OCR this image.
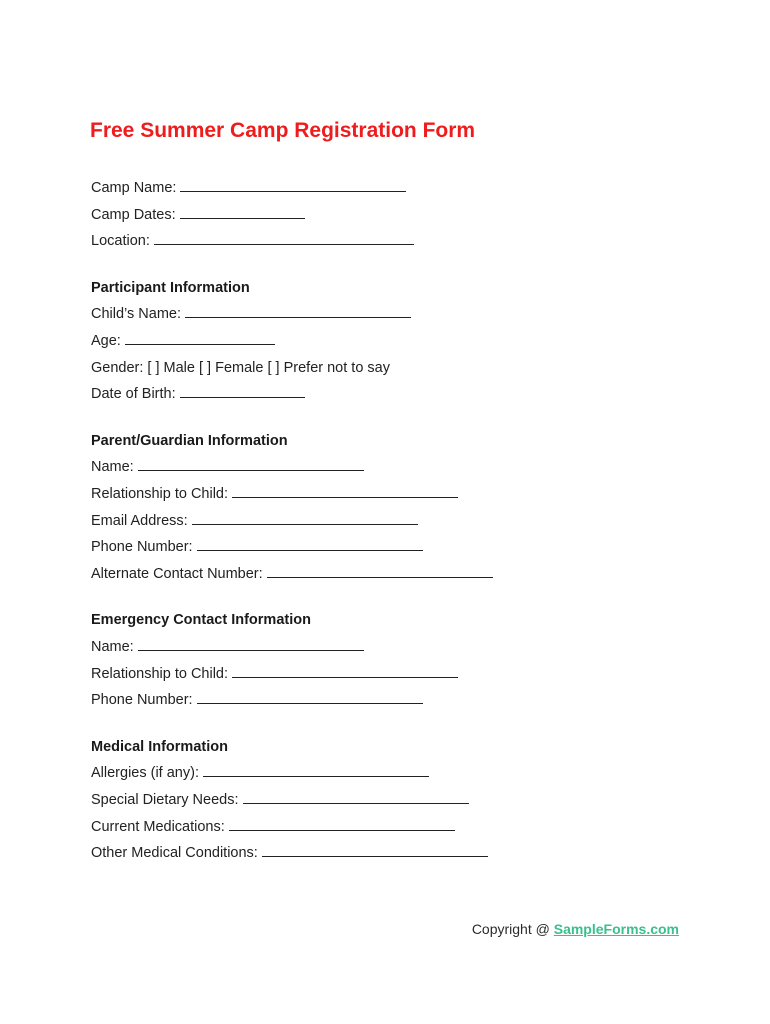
Free Summer Camp Registration Form
Camp Name:
Camp Dates:
Location:
Participant Information
Child’s Name:
Age:
Gender: [ ] Male [ ] Female [ ] Prefer not to say
Date of Birth:
Parent/Guardian Information
Name:
Relationship to Child:
Email Address:
Phone Number:
Alternate Contact Number:
Emergency Contact Information
Name:
Relationship to Child:
Phone Number:
Medical Information
Allergies (if any):
Special Dietary Needs:
Current Medications:
Other Medical Conditions:
Copyright @ SampleForms.com
